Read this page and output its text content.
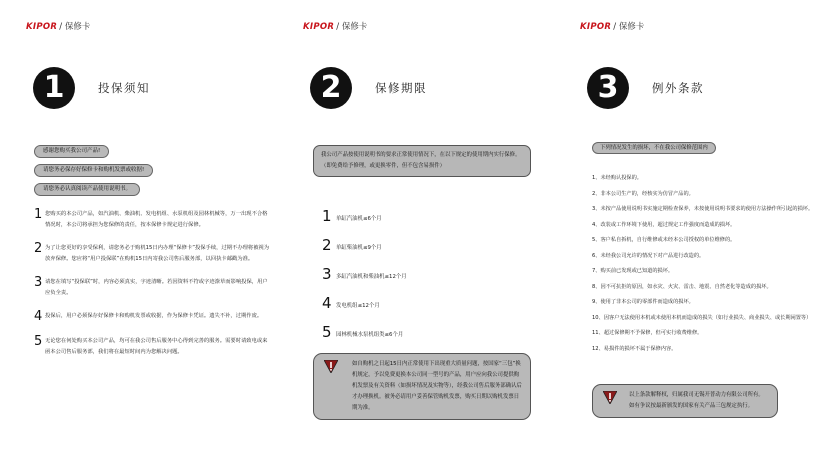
KIPOR / 保修卡
1	投保须知
感谢您购买我公司产品!
请您务必保存好保修卡和购机发票或收据!
请您务必认真阅读产品使用说明书。
1 您购买的本公司产品，如汽油机、柴油机、发电机组、水泵机组及园林机械等，万一出现不合格情况时，本公司将承担为您保修的责任，按本保修卡规定进行保修。
2 为了让您更好的享受保利，请您务必于购机15日内办理“保修卡”投保手续，过期不办理将被视为放弃保修。您应将“用户投保联”在购机15日内寄我公司售后服务部，以回执卡邮戳为准。
3 请您在填写“投保联”时，内容必须真实，字迹清晰。若因资料不符或字迹潦草而影响投保，用户应负全责。
4 投保后，用户必须保存好保修卡和购机发票或收据，作为保修卡凭证。遗失不补，过期作废。
5 无论您在何处购买本公司产品，均可在我公司售后服务中心得到完善的服务。需要时请致电或来函本公司售后服务部，我们将在最短时间内为您解决问题。
KIPOR / 保修卡
2	保修期限
我公司产品按使用说明书的要求正常使用情况下，在以下规定的使用期内实行保修。（即免费给予修理，或更换零件，但不包含易损件）
1 单缸汽油机≤6个月
2 单缸柴油机≤9个月
3 多缸汽油机和柴油机≤12个月
4 发电机组≤12个月
5 园林机械水泵机组类≤6个月
如自购机之日起15日内正常使用下出现重大质量问题，按国家“三包”换机规定，予以免费更换本公司同一型号的产品，用户应向我公司提供购机发票及有关资料（如损坏情况及实物等），经我公司售后服务部确认后才办理换机。被务必请用户妥善保管购机发票，购买日期以购机发票日期为准。
KIPOR / 保修卡
3	例外条款
下列情况发生的损坏，不在我公司保修范围内
1、未经购认投保的。
2、非本公司生产的，经核实为仿冒产品的。
3、未按产品使用说明书实施定期检查保养，未按使用说明书要求的使用方法操作所引起的损坏。
4、改装或工作环境下使用，超过规定工作强度而造成的损坏。
5、客户私自拆机，自行维修或未经本公司授权的单位维修的。
6、未经我公司允许的情况下对产品进行改造的。
7、购买前已发现或已知道的损坏。
8、因不可抗拒的原因，如水灾、火灾、雷击、地震、自然老化等造成的损坏。
9、使用了非本公司的零部件而造成的损坏。
10、因客户无法使用本机或未使用本机而造成的损失（如行业损失、商业损失、或长期闲置等）
11、超过保修期不予保修，但可实行收费维修。
12、易损件的损坏不属于保修内容。
以上条款解释权，归属我司无锡开普动力有限公司所有。如有争议按最新颁发的国家有关产品三包规定执行。
